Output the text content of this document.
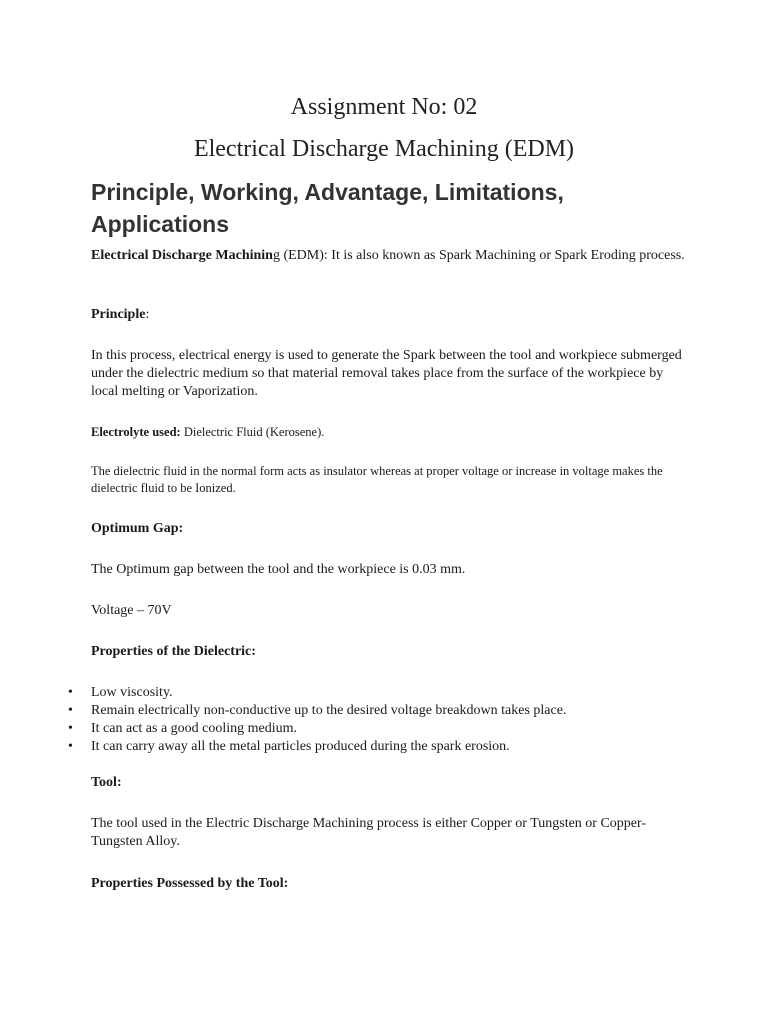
Assignment No: 02
Electrical Discharge Machining (EDM)
Principle, Working, Advantage, Limitations, Applications

Electrical Discharge Machining (EDM): It is also known as Spark Machining or Spark Eroding process.

Principle:

In this process, electrical energy is used to generate the Spark between the tool and workpiece submerged under the dielectric medium so that material removal takes place from the surface of the workpiece by local melting or Vaporization.

Electrolyte used: Dielectric Fluid (Kerosene).

The dielectric fluid in the normal form acts as insulator whereas at proper voltage or increase in voltage makes the dielectric fluid to be Ionized.

Optimum Gap:

The Optimum gap between the tool and the workpiece is 0.03 mm.

Voltage – 70V

Properties of the Dielectric:

• Low viscosity.
• Remain electrically non-conductive up to the desired voltage breakdown takes place.
• It can act as a good cooling medium.
• It can carry away all the metal particles produced during the spark erosion.

Tool:

The tool used in the Electric Discharge Machining process is either Copper or Tungsten or Copper-Tungsten Alloy.

Properties Possessed by the Tool:
